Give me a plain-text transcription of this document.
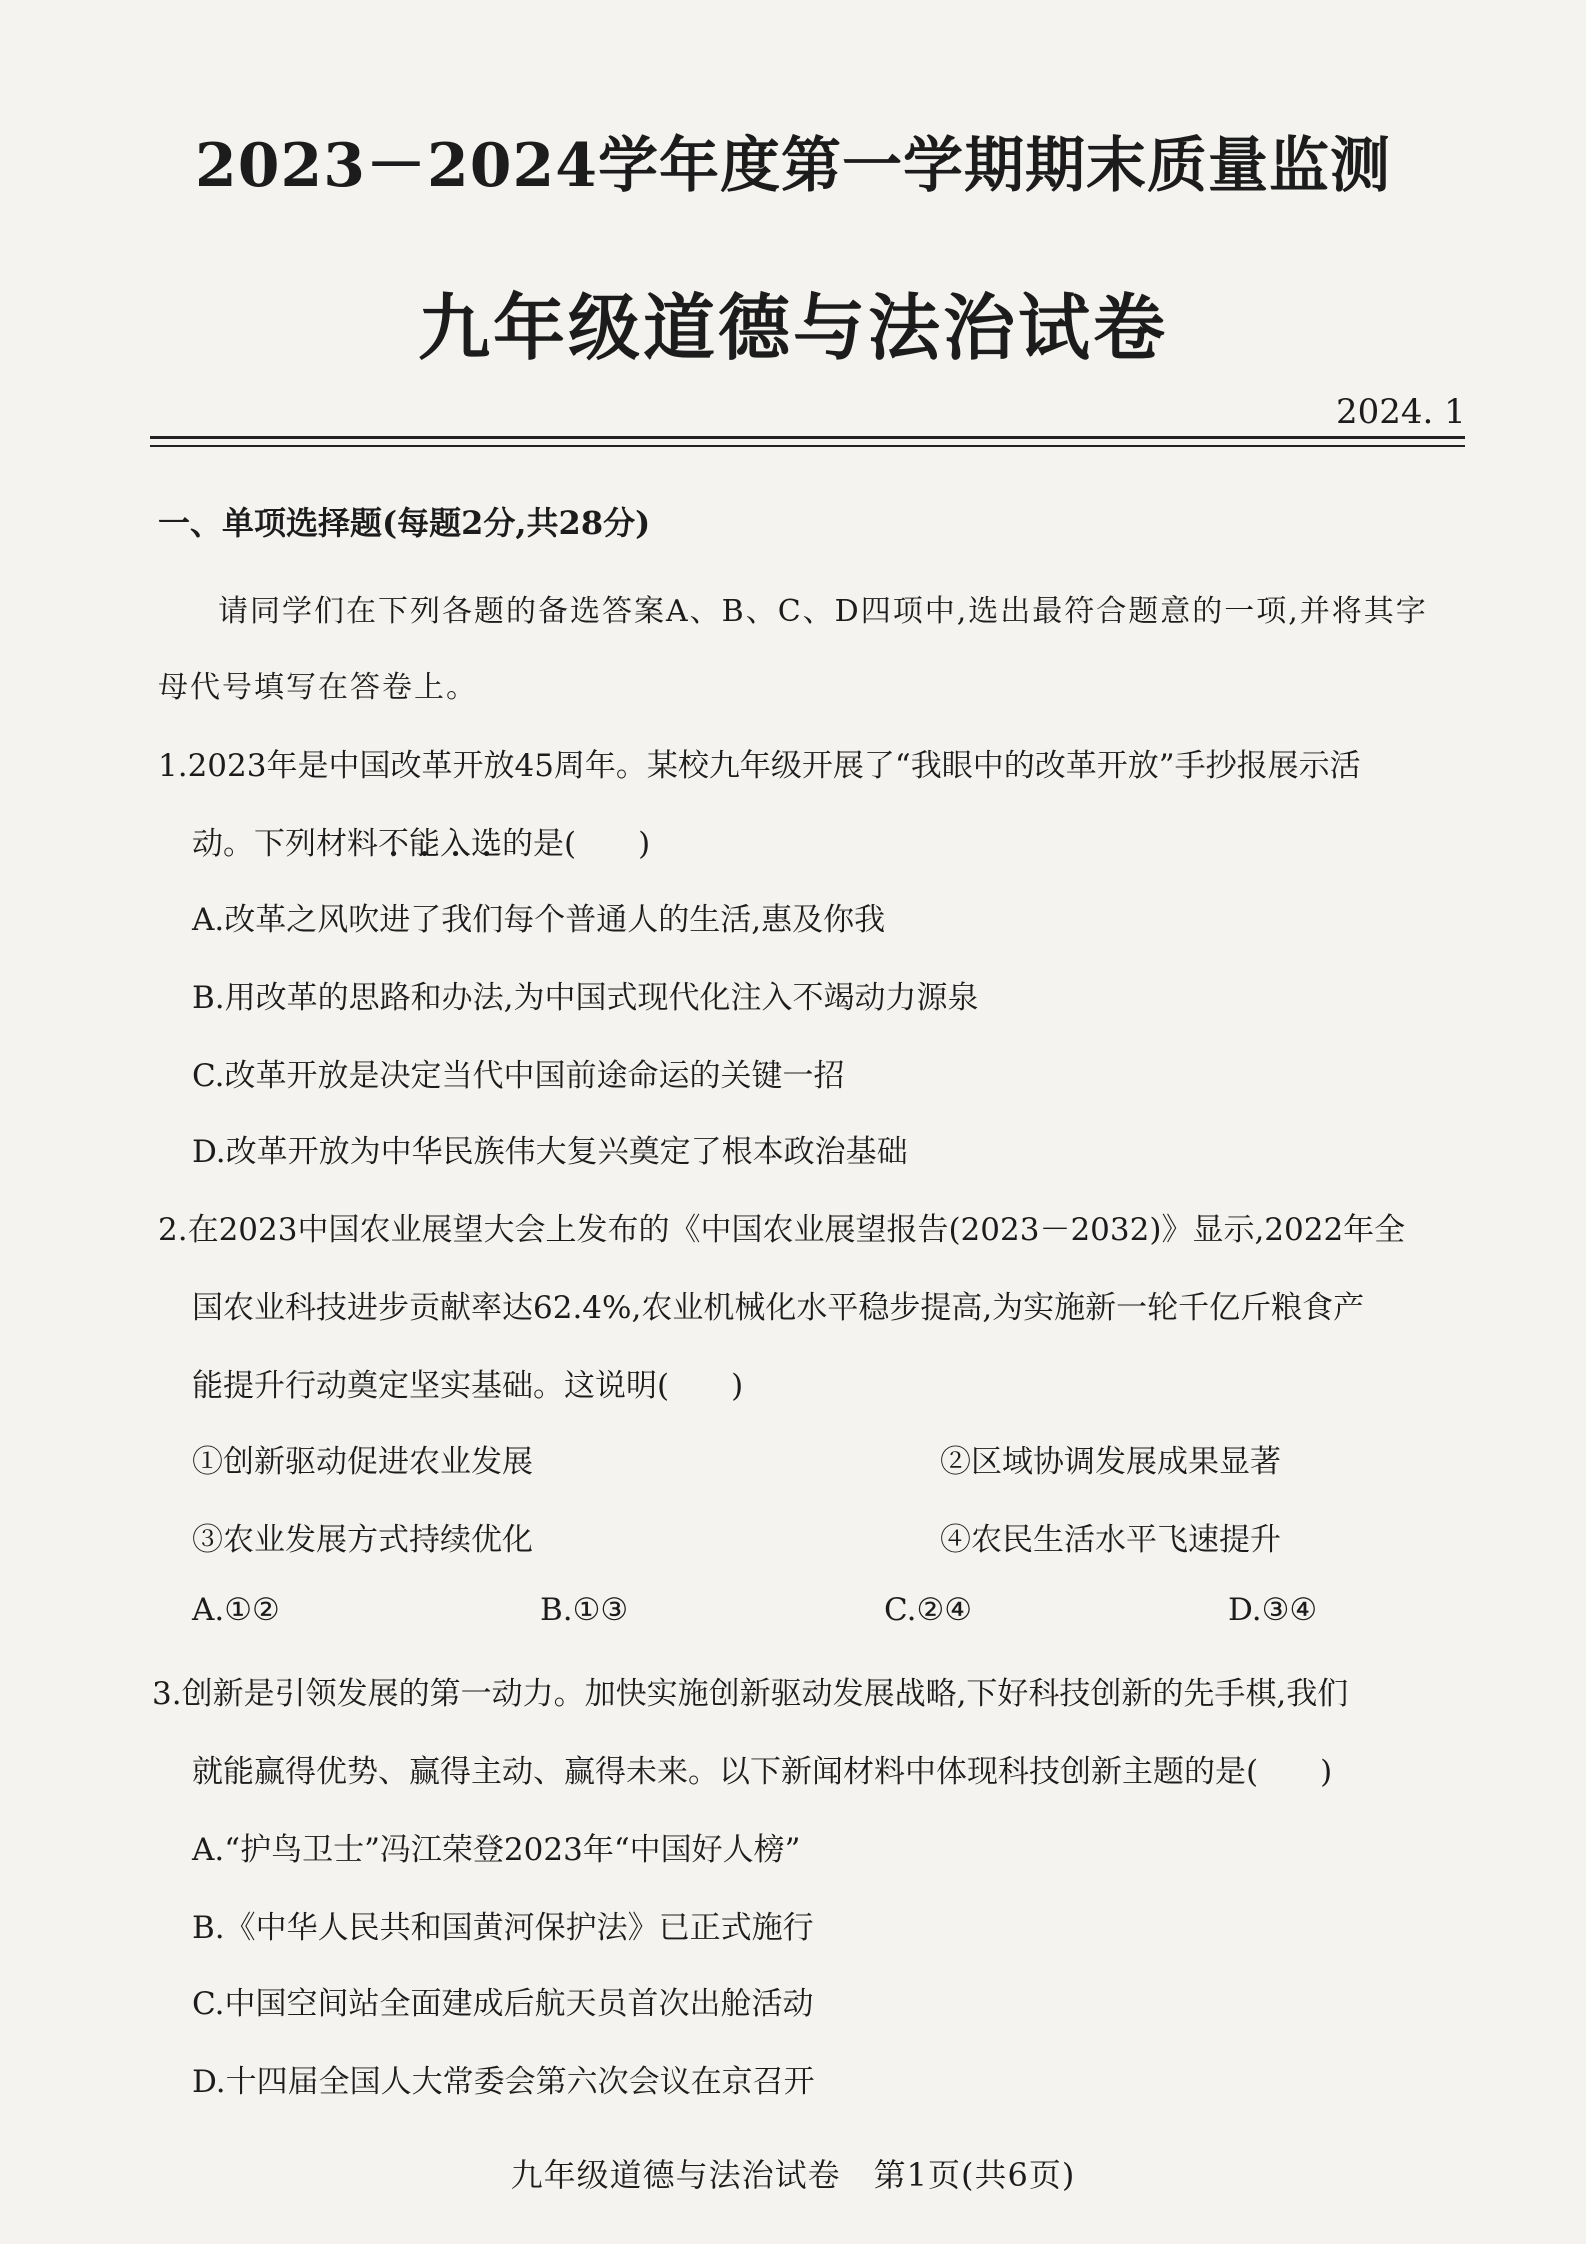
2023－2024学年度第一学期期末质量监测
九年级道德与法治试卷
2024. 1
一、单项选择题(每题2分,共28分)
请同学们在下列各题的备选答案A、B、C、D四项中,选出最符合题意的一项,并将其字
母代号填写在答卷上。
1.2023年是中国改革开放45周年。某校九年级开展了“我眼中的改革开放”手抄报展示活
动。下列材料不能入选的是(　　)
A.改革之风吹进了我们每个普通人的生活,惠及你我
B.用改革的思路和办法,为中国式现代化注入不竭动力源泉
C.改革开放是决定当代中国前途命运的关键一招
D.改革开放为中华民族伟大复兴奠定了根本政治基础
2.在2023中国农业展望大会上发布的《中国农业展望报告(2023－2032)》显示,2022年全
国农业科技进步贡献率达62.4%,农业机械化水平稳步提高,为实施新一轮千亿斤粮食产
能提升行动奠定坚实基础。这说明(　　)
①创新驱动促进农业发展	②区域协调发展成果显著
③农业发展方式持续优化	④农民生活水平飞速提升
A.①②	B.①③	C.②④	D.③④
3.创新是引领发展的第一动力。加快实施创新驱动发展战略,下好科技创新的先手棋,我们
就能赢得优势、赢得主动、赢得未来。以下新闻材料中体现科技创新主题的是(　　)
A.“护鸟卫士”冯江荣登2023年“中国好人榜”
B.《中华人民共和国黄河保护法》已正式施行
C.中国空间站全面建成后航天员首次出舱活动
D.十四届全国人大常委会第六次会议在京召开
九年级道德与法治试卷　第1页(共6页)
